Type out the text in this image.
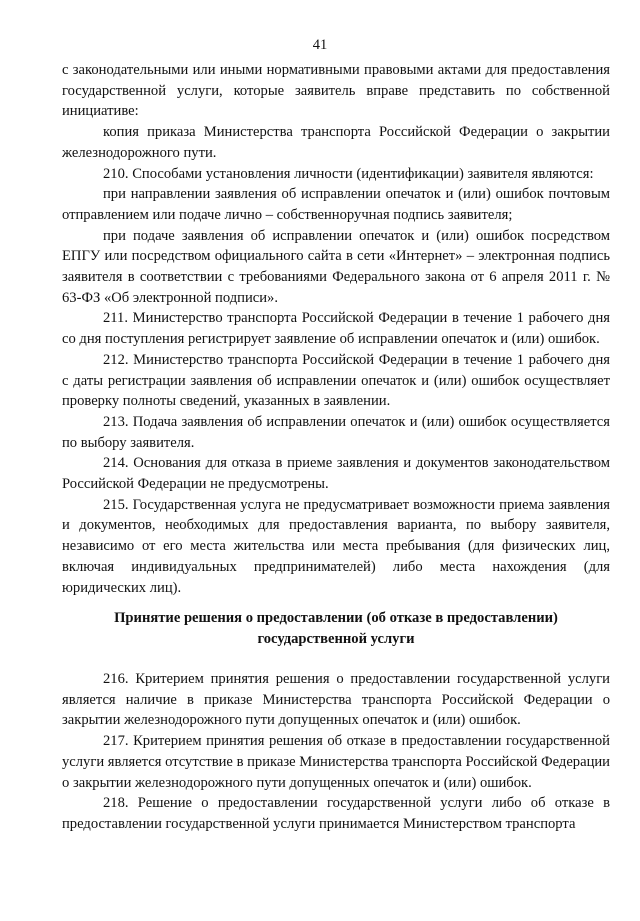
41

с законодательными или иными нормативными правовыми актами для предоставления государственной услуги, которые заявитель вправе представить по собственной инициативе:

копия приказа Министерства транспорта Российской Федерации о закрытии железнодорожного пути.

210. Способами установления личности (идентификации) заявителя являются:

при направлении заявления об исправлении опечаток и (или) ошибок почтовым отправлением или подаче лично – собственноручная подпись заявителя;

при подаче заявления об исправлении опечаток и (или) ошибок посредством ЕПГУ или посредством официального сайта в сети «Интернет» – электронная подпись заявителя в соответствии с требованиями Федерального закона от 6 апреля 2011 г. № 63-ФЗ «Об электронной подписи».

211. Министерство транспорта Российской Федерации в течение 1 рабочего дня со дня поступления регистрирует заявление об исправлении опечаток и (или) ошибок.

212. Министерство транспорта Российской Федерации в течение 1 рабочего дня с даты регистрации заявления об исправлении опечаток и (или) ошибок осуществляет проверку полноты сведений, указанных в заявлении.

213. Подача заявления об исправлении опечаток и (или) ошибок осуществляется по выбору заявителя.

214. Основания для отказа в приеме заявления и документов законодательством Российской Федерации не предусмотрены.

215. Государственная услуга не предусматривает возможности приема заявления и документов, необходимых для предоставления варианта, по выбору заявителя, независимо от его места жительства или места пребывания (для физических лиц, включая индивидуальных предпринимателей) либо места нахождения (для юридических лиц).

Принятие решения о предоставлении (об отказе в предоставлении)

государственной услуги

216. Критерием принятия решения о предоставлении государственной услуги является наличие в приказе Министерства транспорта Российской Федерации о закрытии железнодорожного пути допущенных опечаток и (или) ошибок.

217. Критерием принятия решения об отказе в предоставлении государственной услуги является отсутствие в приказе Министерства транспорта Российской Федерации о закрытии железнодорожного пути допущенных опечаток и (или) ошибок.

218. Решение о предоставлении государственной услуги либо об отказе в предоставлении государственной услуги принимается Министерством транспорта
